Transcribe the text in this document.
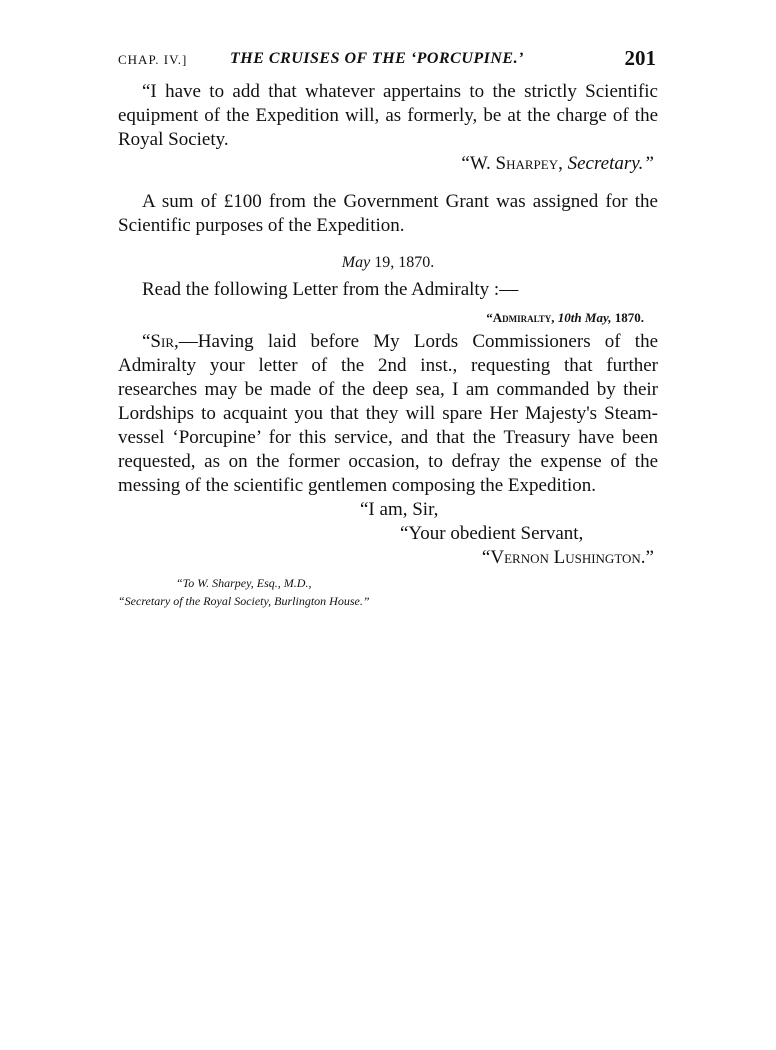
CHAP. IV.]	THE CRUISES OF THE ‘PORCUPINE.’	201

“I have to add that whatever appertains to the strictly Scientific equipment of the Expedition will, as formerly, be at the charge of the Royal Society.

“W. Sharpey, Secretary.”

A sum of £100 from the Government Grant was assigned for the Scientific purposes of the Expedition.

May 19, 1870.

Read the following Letter from the Admiralty :—

“Admiralty, 10th May, 1870.

“Sir,—Having laid before My Lords Commissioners of the Admiralty your letter of the 2nd inst., requesting that further researches may be made of the deep sea, I am commanded by their Lordships to acquaint you that they will spare Her Majesty's Steam-vessel ‘Porcupine’ for this service, and that the Treasury have been requested, as on the former occasion, to defray the expense of the messing of the scientific gentlemen composing the Expedition.

“I am, Sir,
“Your obedient Servant,
“Vernon Lushington.”

“To W. Sharpey, Esq., M.D.,

“Secretary of the Royal Society, Burlington House.”
